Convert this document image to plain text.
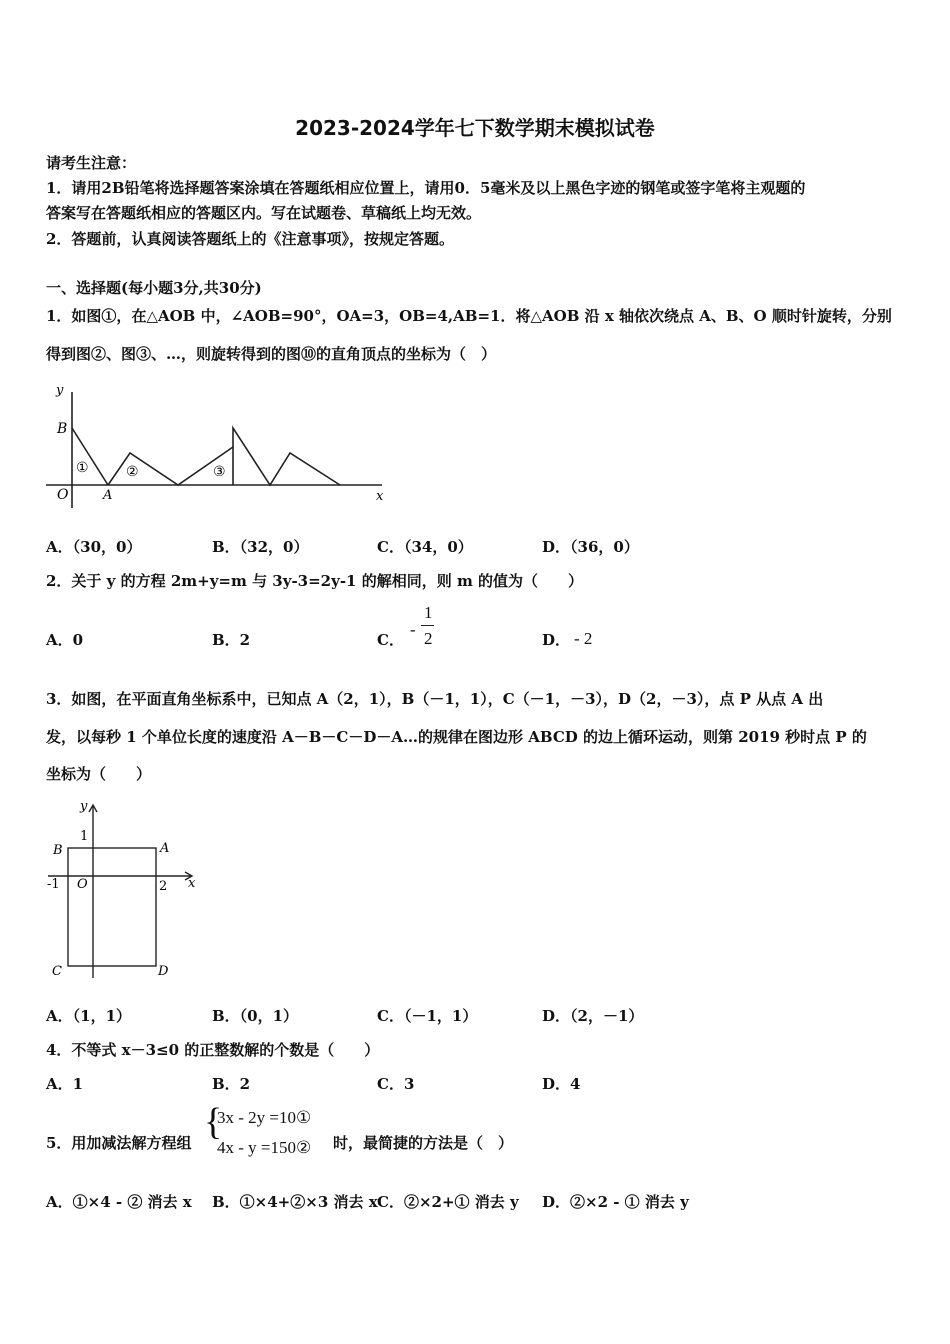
2023-2024学年七下数学期末模拟试卷
请考生注意：
1．请用2B铅笔将选择题答案涂填在答题纸相应位置上，请用0．5毫米及以上黑色字迹的钢笔或签字笔将主观题的
答案写在答题纸相应的答题区内。写在试题卷、草稿纸上均无效。
2．答题前，认真阅读答题纸上的《注意事项》，按规定答题。
一、选择题(每小题3分,共30分)
1．如图①，在△AOB 中，∠AOB=90°，OA=3，OB=4,AB=1．将△AOB 沿 x 轴依次绕点 A、B、O 顺时针旋转，分别
得到图②、图③、…，则旋转得到的图⑩的直角顶点的坐标为（　）
y
x
B
O	A
①	②	③
A．（30，0）	B．（32，0）	C．（34，0）	D．（36，0）
2．关于 y 的方程 2m+y=m 与 3y-3=2y-1 的解相同，则 m 的值为（　　）
A．0	B．2	C．
-
1
2	D． - 2
3．如图，在平面直角坐标系中，已知点 A（2，1），B（－1，1），C（－1，－3），D（2，－3），点 P 从点 A 出
发，以每秒 1 个单位长度的速度沿 A－B－C－D－A…的规律在图边形 ABCD 的边上循环运动，则第 2019 秒时点 P 的
坐标为（　　）
y
x
1
B	A
-1 O	2
C	D
A．（1，1）	B．（0，1）	C．（－1，1）	D．（2，－1）
4．不等式 x－3≤0 的正整数解的个数是（　　）
A．1	B．2	C．3	D．4
5．用加减法解方程组 {
3x - 2y =10①
4x - y =150② 时，最简捷的方法是（　）
A．①×4 - ② 消去 x B．①×4+②×3 消去 x C．②×2+① 消去 y D．②×2 - ① 消去 y
